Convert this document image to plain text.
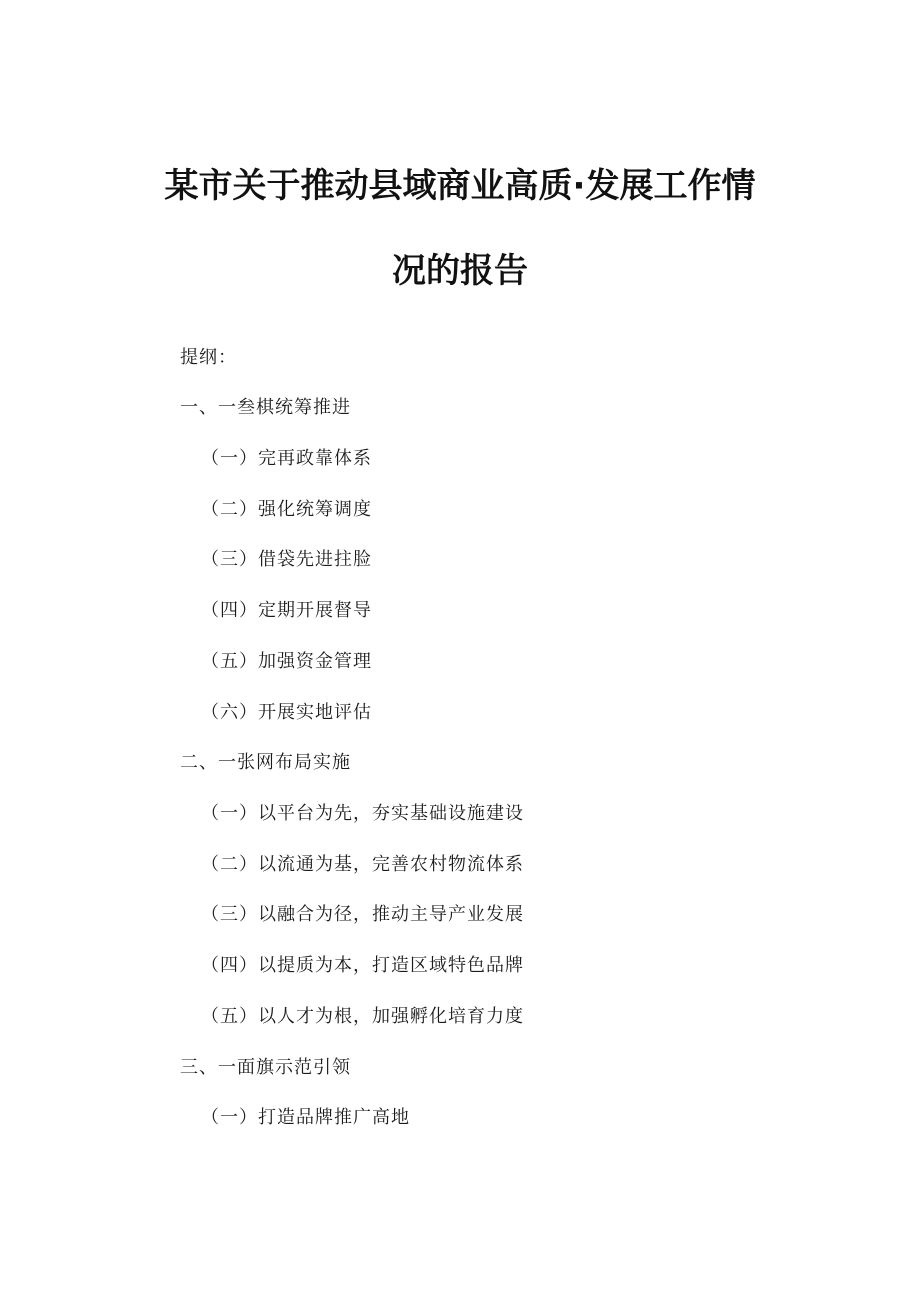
某市关于推动县域商业高质·发展工作情
况的报告
提纲：
一、一叁棋统筹推进
（一）完再政靠体系
（二）强化统筹调度
（三）借袋先进拄脸
（四）定期开展督导
（五）加强资金管理
（六）开展实地评估
二、一张网布局实施
（一）以平台为先，夯实基础设施建设
（二）以流通为基，完善农村物流体系
（三）以融合为径，推动主导产业发展
（四）以提质为本，打造区域特色品牌
（五）以人才为根，加强孵化培育力度
三、一面旗示范引领
（一）打造品牌推广高地
